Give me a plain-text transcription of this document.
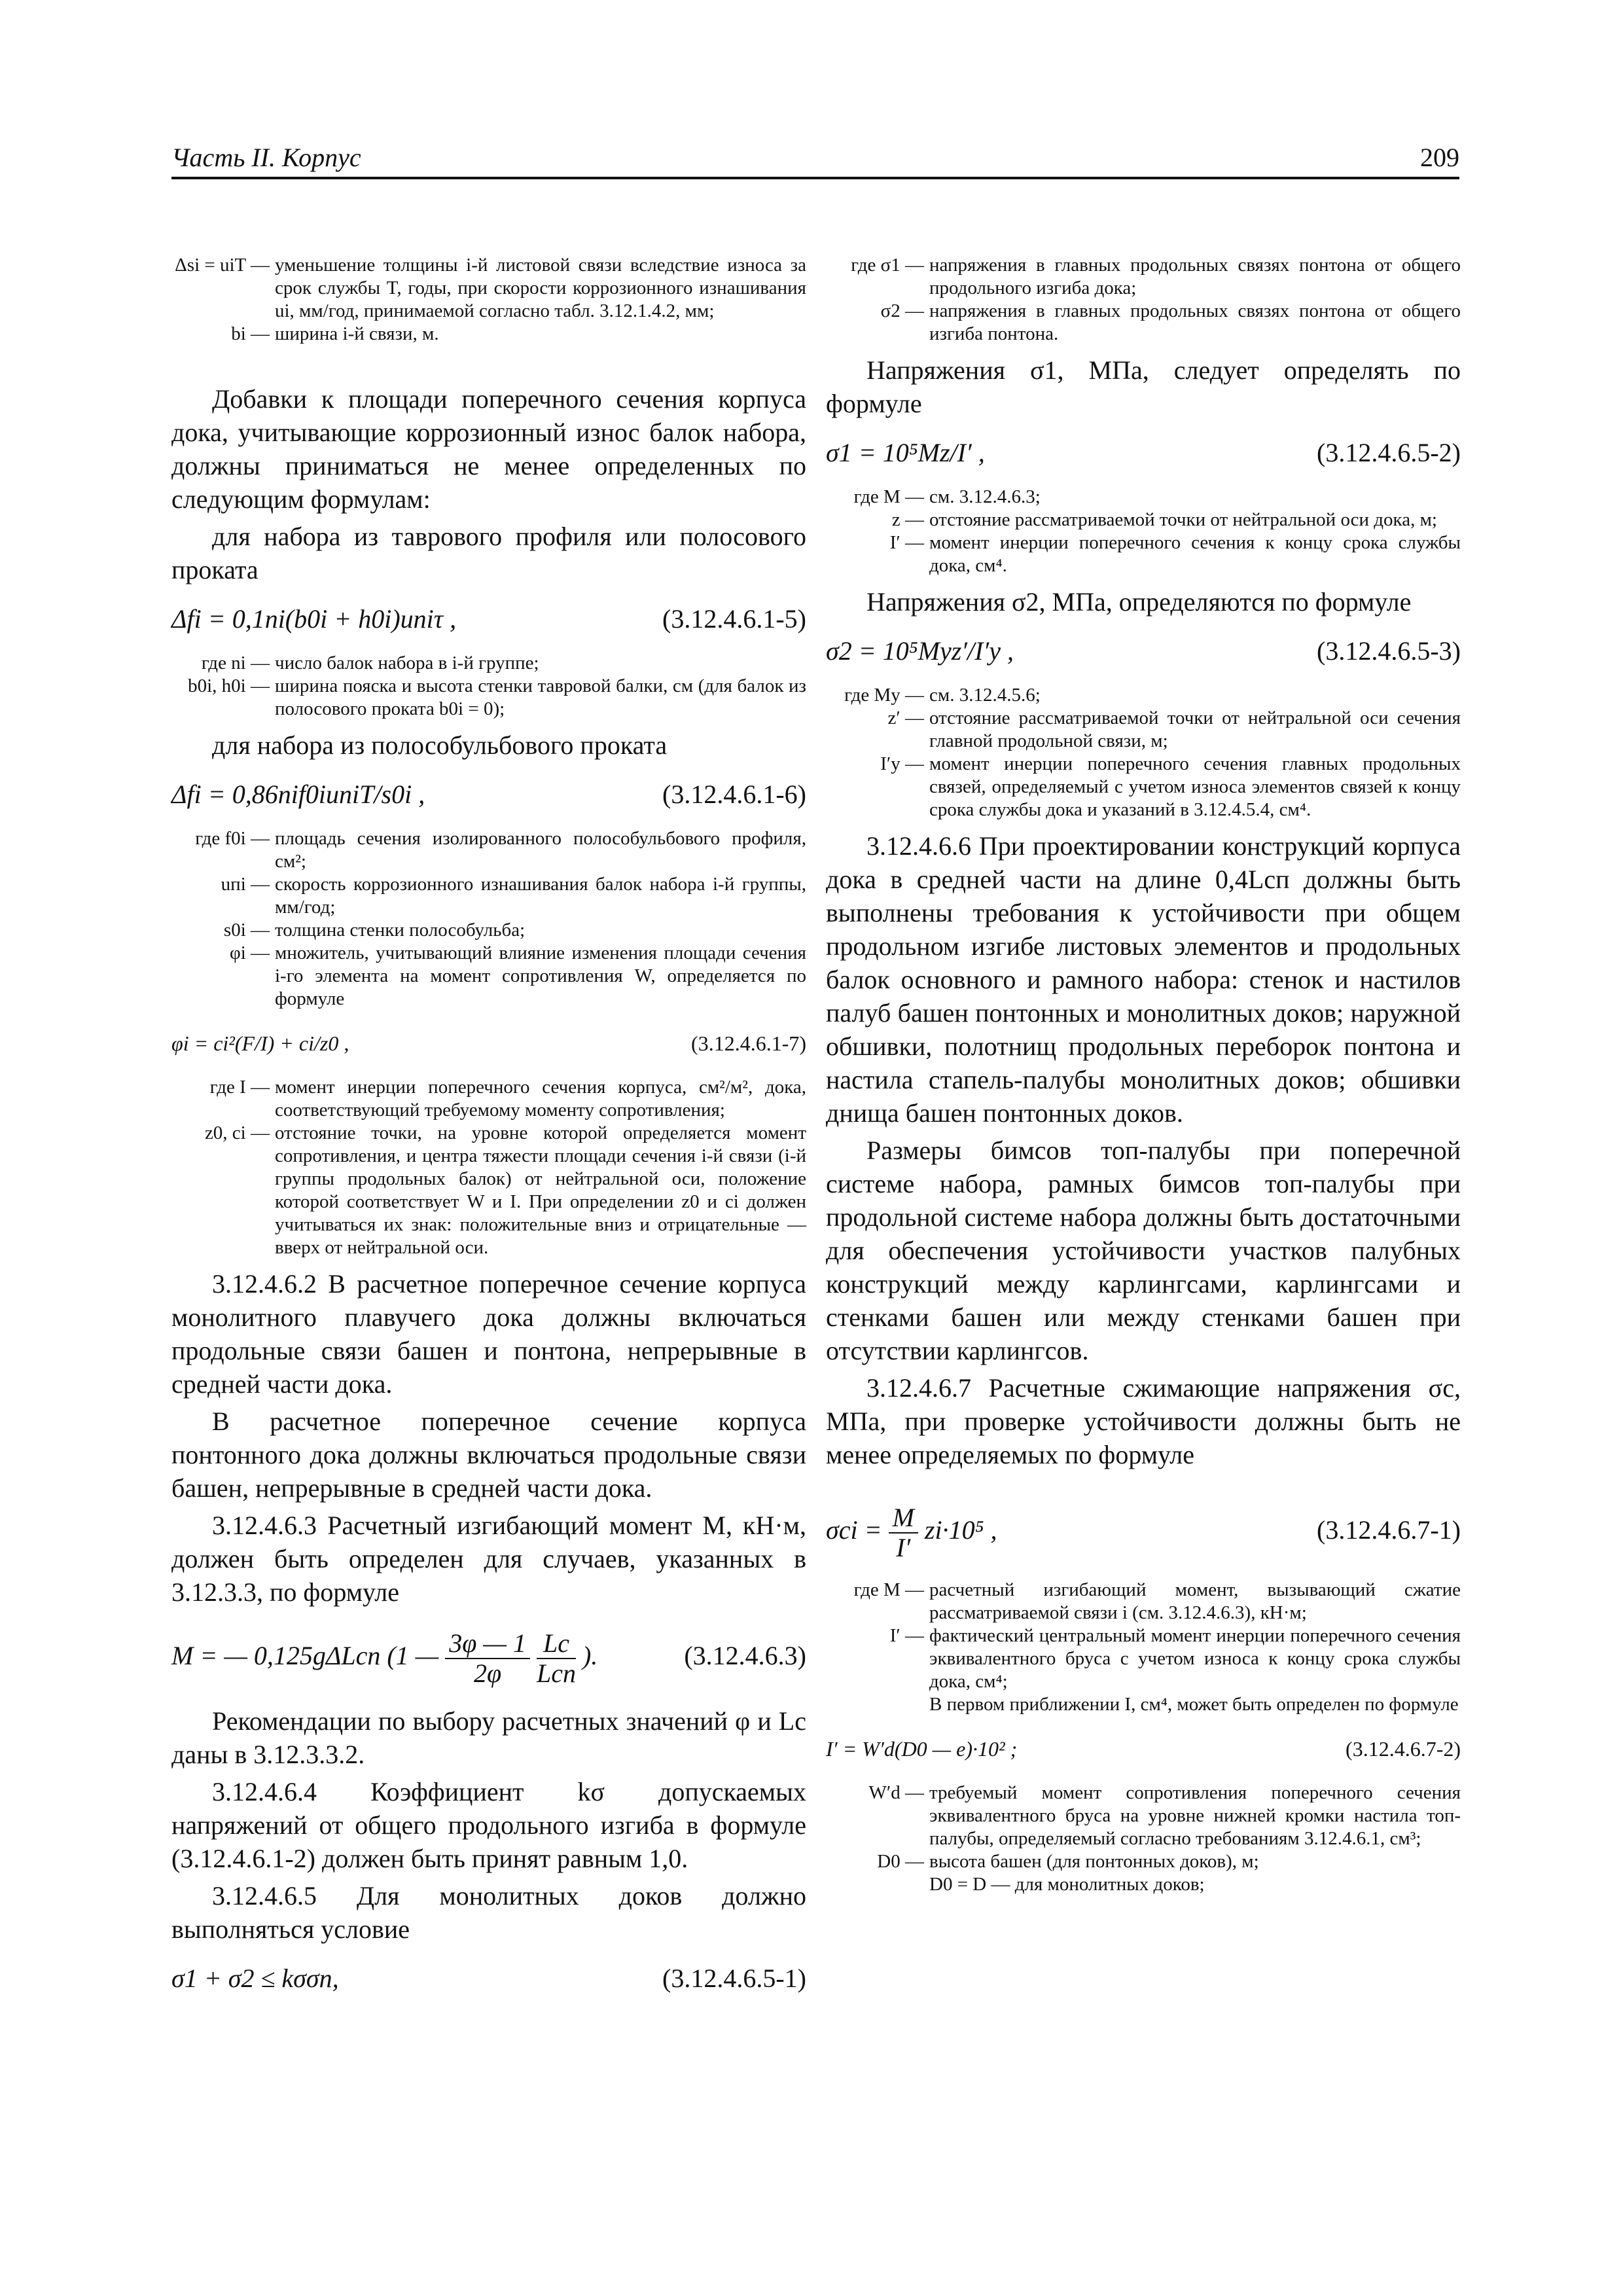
Часть II. Корпус	209
Δsi = uiT — уменьшение толщины i-й листовой связи вследствие износа за срок службы T, годы, при скорости коррозионного изнашивания ui, мм/год, принимаемой согласно табл. 3.12.1.4.2, мм;
bi — ширина i-й связи, м.

Добавки к площади поперечного сечения корпуса дока, учитывающие коррозионный износ балок набора, должны приниматься не менее определенных по следующим формулам:

для набора из таврового профиля или полосового проката

Δfi = 0,1ni(b0i + h0i)uпiτ ,	(3.12.4.6.1-5)
где ni — число балок набора в i-й группе;
b0i, h0i — ширина пояска и высота стенки тавровой балки, см (для балок из полосового проката b0i = 0);

для набора из полособульбового проката

Δfi = 0,86nif0iuпiT/s0i ,	(3.12.4.6.1-6)
где f0i — площадь сечения изолированного полособульбового профиля, см²;
uпi — скорость коррозионного изнашивания балок набора i-й группы, мм/год;
s0i — толщина стенки полособульба;
φi — множитель, учитывающий влияние изменения площади сечения i-го элемента на момент сопротивления W, определяется по формуле
φi = ci²(F/I) + ci/z0 ,	(3.12.4.6.1-7)
где I — момент инерции поперечного сечения корпуса, см²/м², дока, соответствующий требуемому моменту сопротивления;
z0, ci — отстояние точки, на уровне которой определяется момент сопротивления, и центра тяжести площади сечения i-й связи (i-й группы продольных балок) от нейтральной оси, положение которой соответствует W и I. При определении z0 и ci должен учитываться их знак: положительные вниз и отрицательные — вверх от нейтральной оси.

3.12.4.6.2 В расчетное поперечное сечение корпуса монолитного плавучего дока должны включаться продольные связи башен и понтона, непрерывные в средней части дока.

В расчетное поперечное сечение корпуса понтонного дока должны включаться продольные связи башен, непрерывные в средней части дока.

3.12.4.6.3 Расчетный изгибающий момент M, кН·м, должен быть определен для случаев, указанных в 3.12.3.3, по формуле

M = — 0,125gΔLсп (1 — $\frac{3\varphi — 1}{2\varphi}$
$\frac{Lс}{\text{Lсп}}$ ).	(3.12.4.6.3)

Рекомендации по выбору расчетных значений φ и Lс даны в 3.12.3.3.2.

3.12.4.6.4 Коэффициент kσ допускаемых напряжений от общего продольного изгиба в формуле (3.12.4.6.1-2) должен быть принят равным 1,0.

3.12.4.6.5 Для монолитных доков должно выполняться условие

σ1 + σ2 ≤ kσσn,	(3.12.4.6.5-1)
где σ1 — напряжения в главных продольных связях понтона от общего продольного изгиба дока;
σ2 — напряжения в главных продольных связях понтона от общего изгиба понтона.

Напряжения σ1, МПа, следует определять по формуле

σ1 = 10⁵Mz/I′ ,	(3.12.4.6.5-2)
где M — см. 3.12.4.6.3;
z — отстояние рассматриваемой точки от нейтральной оси дока, м;
I′ — момент инерции поперечного сечения к концу срока службы дока, см⁴.

Напряжения σ2, МПа, определяются по формуле

σ2 = 10⁵Myz′/I′y ,	(3.12.4.6.5-3)
где My — см. 3.12.4.5.6;
z′ — отстояние рассматриваемой точки от нейтральной оси сечения главной продольной связи, м;
I′y — момент инерции поперечного сечения главных продольных связей, определяемый с учетом износа элементов связей к концу срока службы дока и указаний в 3.12.4.5.4, см⁴.

3.12.4.6.6 При проектировании конструкций корпуса дока в средней части на длине 0,4Lсп должны быть выполнены требования к устойчивости при общем продольном изгибе листовых элементов и продольных балок основного и рамного набора: стенок и настилов палуб башен понтонных и монолитных доков; наружной обшивки, полотнищ продольных переборок понтона и настила стапель-палубы монолитных доков; обшивки днища башен понтонных доков.

Размеры бимсов топ-палубы при поперечной системе набора, рамных бимсов топ-палубы при продольной системе набора должны быть достаточными для обеспечения устойчивости участков палубных конструкций между карлингсами, карлингсами и стенками башен или между стенками башен при отсутствии карлингсов.

3.12.4.6.7 Расчетные сжимающие напряжения σc, МПа, при проверке устойчивости должны быть не менее определяемых по формуле

$\sigma ci = \frac{M}{I'} zi\cdot 10^5$ ,	(3.12.4.6.7-1)
где M — расчетный изгибающий момент, вызывающий сжатие рассматриваемой связи i (см. 3.12.4.6.3), кН·м;
I′ — фактический центральный момент инерции поперечного сечения эквивалентного бруса с учетом износа к концу срока службы дока, см⁴;
В первом приближении I, см⁴, может быть определен по формуле
I′ = W′d(D0 — e)·10² ;	(3.12.4.6.7-2)
W′d — требуемый момент сопротивления поперечного сечения эквивалентного бруса на уровне нижней кромки настила топ-палубы, определяемый согласно требованиям 3.12.4.6.1, см³;
D0 — высота башен (для понтонных доков), м;
D0 = D — для монолитных доков;
